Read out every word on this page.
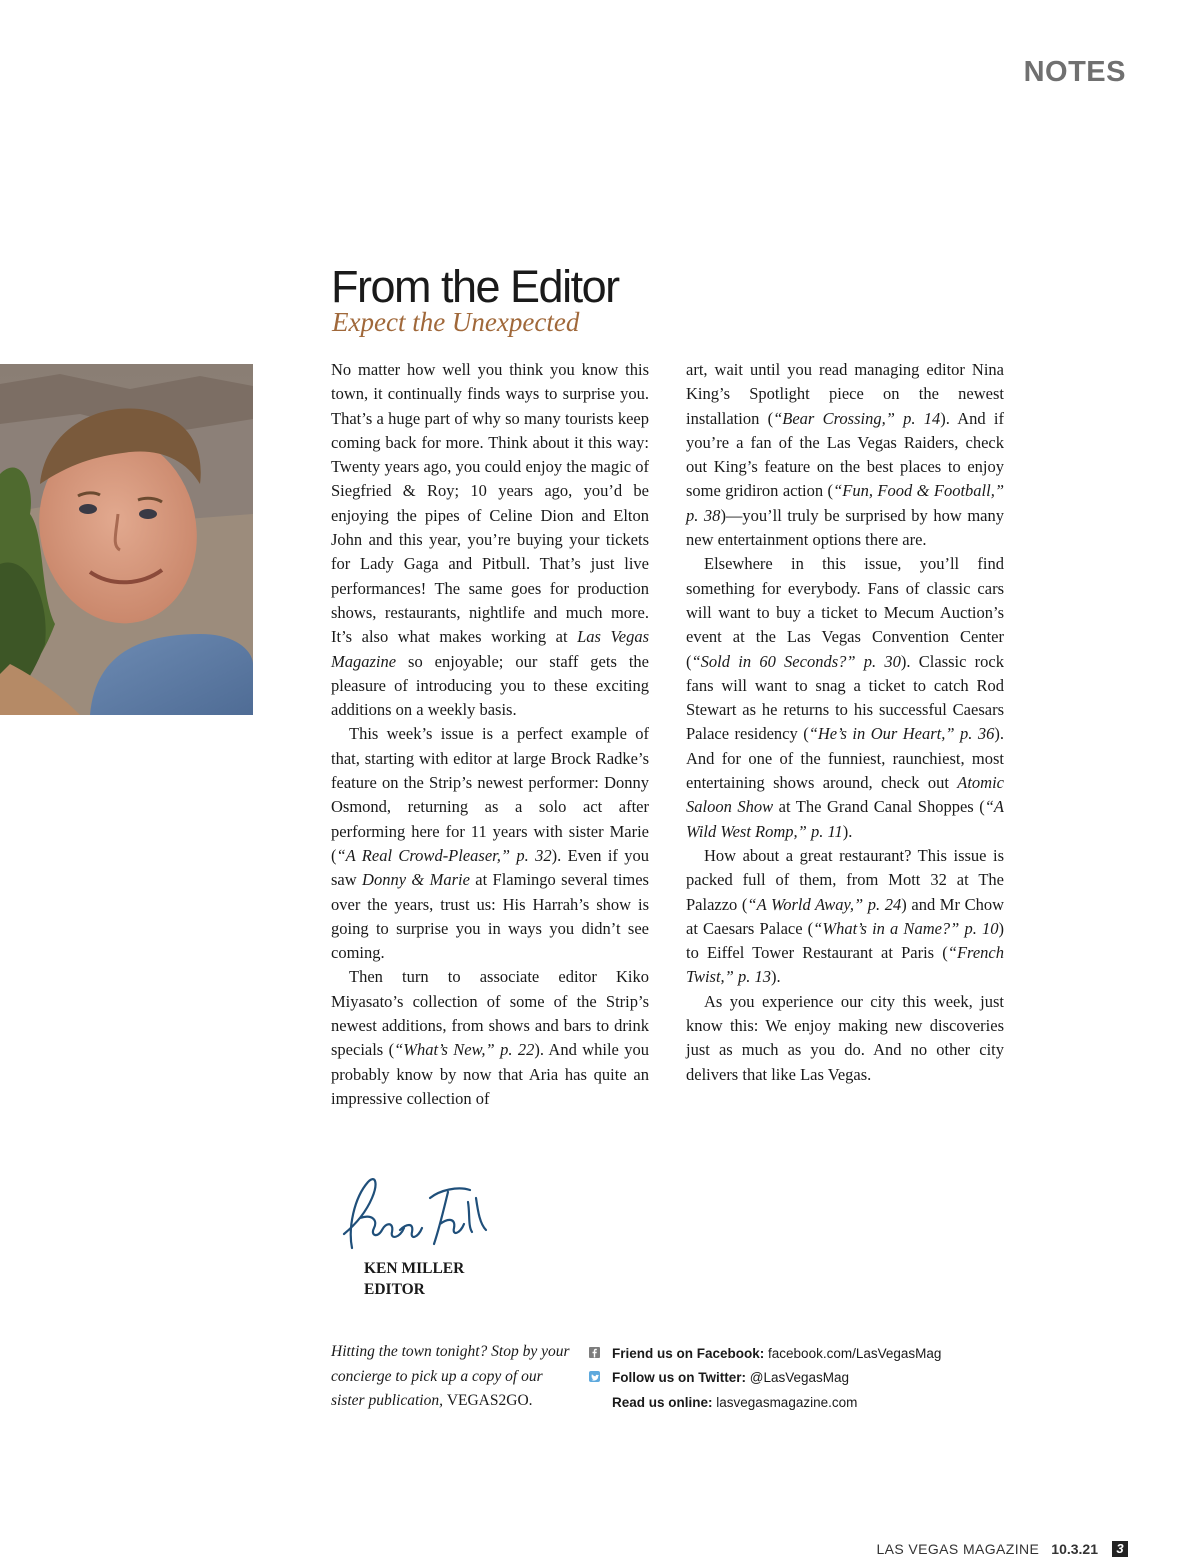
NOTES
From the Editor
Expect the Unexpected

No matter how well you think you know this town, it continually finds ways to surprise you. That’s a huge part of why so many tourists keep coming back for more. Think about it this way: Twenty years ago, you could enjoy the magic of Siegfried & Roy; 10 years ago, you’d be enjoying the pipes of Celine Dion and Elton John and this year, you’re buying your tickets for Lady Gaga and Pitbull. That’s just live performances! The same goes for production shows, restaurants, nightlife and much more. It’s also what makes working at Las Vegas Magazine so enjoyable; our staff gets the pleasure of introducing you to these exciting additions on a weekly basis.

This week’s issue is a perfect example of that, starting with editor at large Brock Radke’s feature on the Strip’s newest performer: Donny Osmond, returning as a solo act after performing here for 11 years with sister Marie (“A Real Crowd-Pleaser,” p. 32). Even if you saw Donny & Marie at Flamingo several times over the years, trust us: His Harrah’s show is going to surprise you in ways you didn’t see coming.

Then turn to associate editor Kiko Miyasato’s collection of some of the Strip’s newest additions, from shows and bars to drink specials (“What’s New,” p. 22). And while you probably know by now that Aria has quite an impressive collection of

art, wait until you read managing editor Nina King’s Spotlight piece on the newest installation (“Bear Crossing,” p. 14). And if you’re a fan of the Las Vegas Raiders, check out King’s feature on the best places to enjoy some gridiron action (“Fun, Food & Football,” p. 38)—you’ll truly be surprised by how many new entertainment options there are.

Elsewhere in this issue, you’ll find something for everybody. Fans of classic cars will want to buy a ticket to Mecum Auction’s event at the Las Vegas Convention Center (“Sold in 60 Seconds?” p. 30). Classic rock fans will want to snag a ticket to catch Rod Stewart as he returns to his successful Caesars Palace residency (“He’s in Our Heart,” p. 36). And for one of the funniest, raunchiest, most entertaining shows around, check out Atomic Saloon Show at The Grand Canal Shoppes (“A Wild West Romp,” p. 11).

How about a great restaurant? This issue is packed full of them, from Mott 32 at The Palazzo (“A World Away,” p. 24) and Mr Chow at Caesars Palace (“What’s in a Name?” p. 10) to Eiffel Tower Restaurant at Paris (“French Twist,” p. 13).

As you experience our city this week, just know this: We enjoy making new discoveries just as much as you do. And no other city delivers that like Las Vegas.

KEN MILLER
EDITOR
Hitting the town tonight? Stop by your concierge to pick up a copy of our sister publication, VEGAS2GO.
Friend us on Facebook: facebook.com/LasVegasMag
Follow us on Twitter: @LasVegasMag
Read us online: lasvegasmagazine.com
LAS VEGAS MAGAZINE 10.3.21	3
